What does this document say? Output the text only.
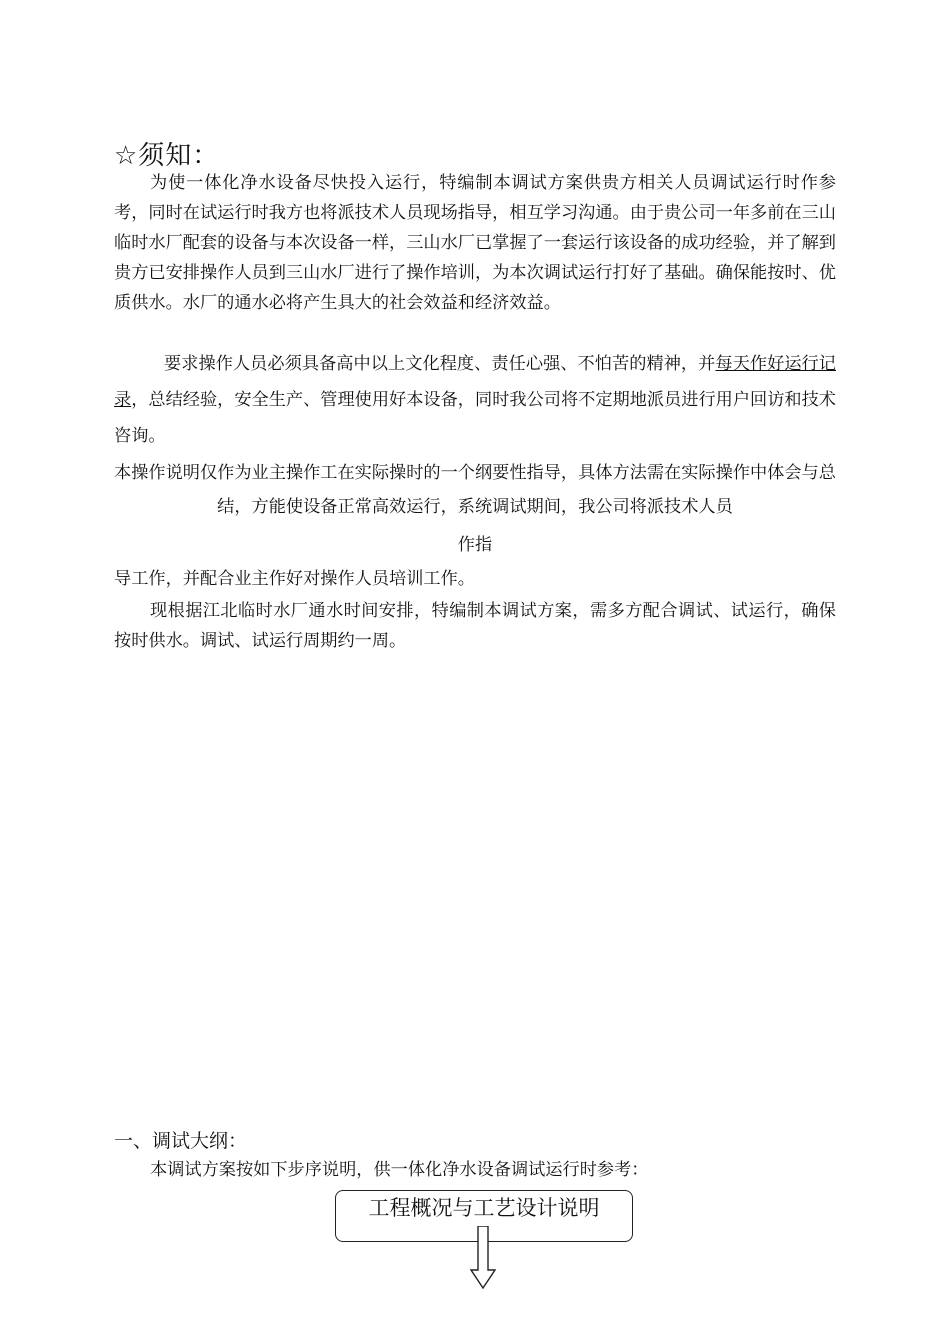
☆须知：

为使一体化净水设备尽快投入运行，特编制本调试方案供贵方相关人员调试运行时作参考，同时在试运行时我方也将派技术人员现场指导，相互学习沟通。由于贵公司一年多前在三山临时水厂配套的设备与本次设备一样，三山水厂已掌握了一套运行该设备的成功经验，并了解到贵方已安排操作人员到三山水厂进行了操作培训，为本次调试运行打好了基础。确保能按时、优质供水。水厂的通水必将产生具大的社会效益和经济效益。

要求操作人员必须具备高中以上文化程度、责任心强、不怕苦的精神，并每天作好运行记录，总结经验，安全生产、管理使用好本设备，同时我公司将不定期地派员进行用户回访和技术咨询。

本操作说明仅作为业主操作工在实际操时的一个纲要性指导，具体方法需在实际操作中体会与总结，方能使设备正常高效运行，系统调试期间，我公司将派技术人员

作指

导工作，并配合业主作好对操作人员培训工作。

现根据江北临时水厂通水时间安排，特编制本调试方案，需多方配合调试、试运行，确保按时供水。调试、试运行周期约一周。

一、调试大纲：

本调试方案按如下步序说明，供一体化净水设备调试运行时参考：

工程概况与工艺设计说明
